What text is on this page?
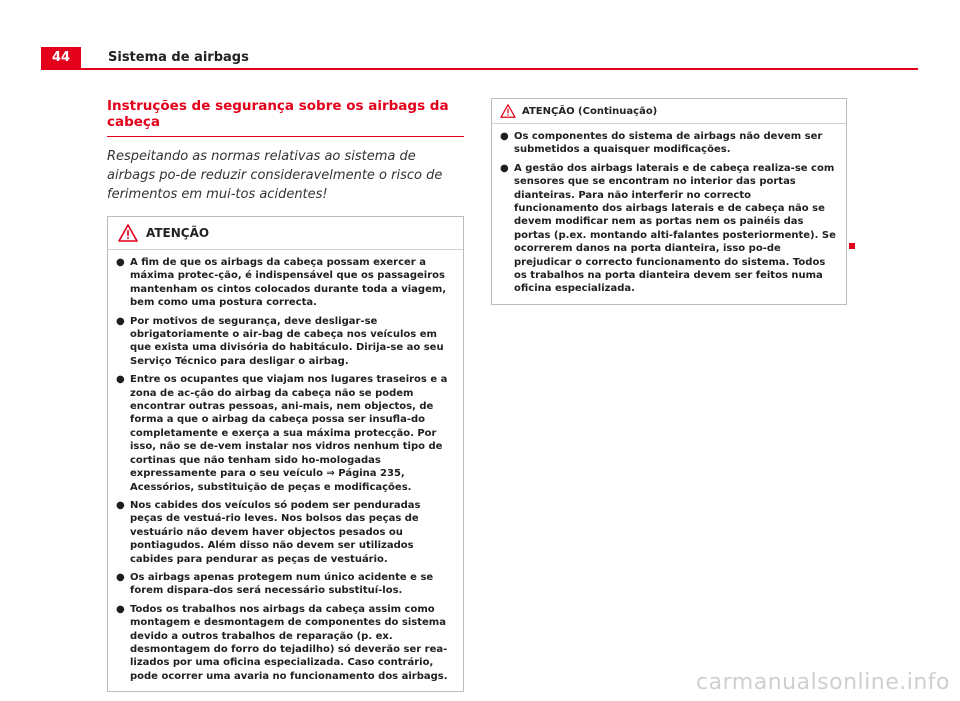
44	Sistema de airbags
Instruções de segurança sobre os airbags da cabeça

Respeitando as normas relativas ao sistema de airbags po-de reduzir consideravelmente o risco de ferimentos em mui-tos acidentes!

ATENÇÃO
● A fim de que os airbags da cabeça possam exercer a máxima protec-ção, é indispensável que os passageiros mantenham os cintos colocados durante toda a viagem, bem como uma postura correcta.
● Por motivos de segurança, deve desligar-se obrigatoriamente o air-bag de cabeça nos veículos em que exista uma divisória do habitáculo. Dirija-se ao seu Serviço Técnico para desligar o airbag.
● Entre os ocupantes que viajam nos lugares traseiros e a zona de ac-ção do airbag da cabeça não se podem encontrar outras pessoas, ani-mais, nem objectos, de forma a que o airbag da cabeça possa ser insufla-do completamente e exerça a sua máxima protecção. Por isso, não se de-vem instalar nos vidros nenhum tipo de cortinas que não tenham sido ho-mologadas expressamente para o seu veículo ⇒ Página 235, Acessórios, substituição de peças e modificações.
● Nos cabides dos veículos só podem ser penduradas peças de vestuá-rio leves. Nos bolsos das peças de vestuário não devem haver objectos pesados ou pontiagudos. Além disso não devem ser utilizados cabides para pendurar as peças de vestuário.
● Os airbags apenas protegem num único acidente e se forem dispara-dos será necessário substituí-los.
● Todos os trabalhos nos airbags da cabeça assim como montagem e desmontagem de componentes do sistema devido a outros trabalhos de reparação (p. ex. desmontagem do forro do tejadilho) só deverão ser rea-lizados por uma oficina especializada. Caso contrário, pode ocorrer uma avaria no funcionamento dos airbags.
ATENÇÃO (Continuação)
● Os componentes do sistema de airbags não devem ser submetidos a quaisquer modificações.
● A gestão dos airbags laterais e de cabeça realiza-se com sensores que se encontram no interior das portas dianteiras. Para não interferir no correcto funcionamento dos airbags laterais e de cabeça não se devem modificar nem as portas nem os painéis das portas (p.ex. montando alti-falantes posteriormente). Se ocorrerem danos na porta dianteira, isso po-de prejudicar o correcto funcionamento do sistema. Todos os trabalhos na porta dianteira devem ser feitos numa oficina especializada.
carmanualsonline.info
